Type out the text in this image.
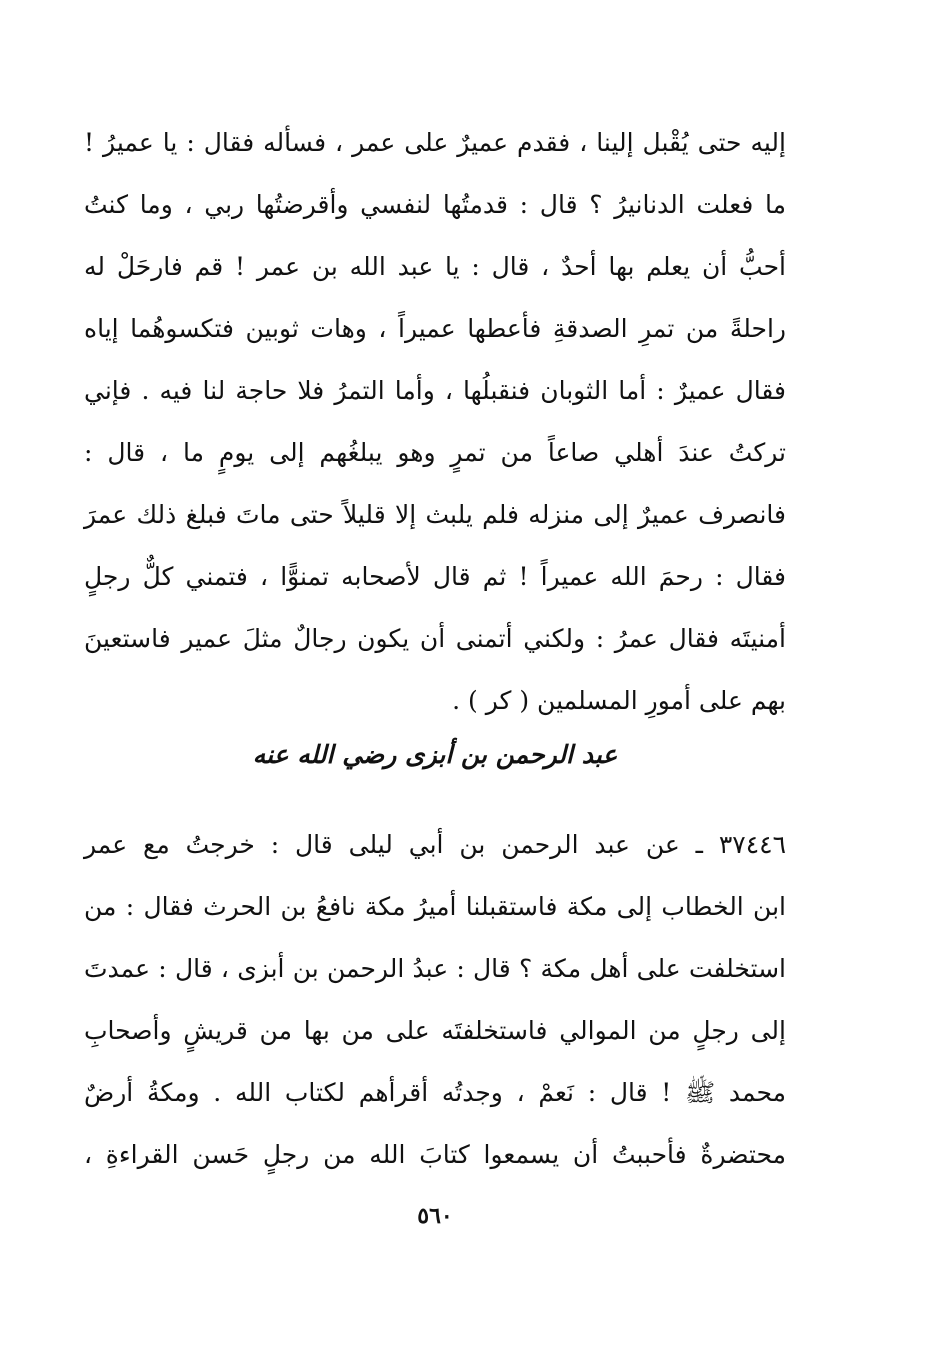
إليه حتى يُقْبل إلينا ، فقدم عميرٌ على عمر ، فسأله فقال : يا عميرُ !
ما فعلت الدنانيرُ ؟ قال : قدمتُها لنفسي وأقرضتُها ربي ، وما كنتُ
أحبُّ أن يعلم بها أحدٌ ، قال : يا عبد الله بن عمر ! قم فارحَلْ له
راحلةً من تمرِ الصدقةِ فأعطها عميراً ، وهات ثوبين فتكسوهُما إياه
فقال عميرٌ : أما الثوبان فنقبلُها ، وأما التمرُ فلا حاجة لنا فيه . فإني
تركتُ عندَ أهلي صاعاً من تمرٍ وهو يبلغُهم إلى يومٍ ما ، قال :
فانصرف عميرٌ إلى منزله فلم يلبث إلا قليلاً حتى ماتَ فبلغ ذلك عمرَ
فقال : رحمَ الله عميراً ! ثم قال لأصحابه تمنوًّا ، فتمني كلٌّ رجلٍ
أمنيتَه فقال عمرُ : ولكني أتمنى أن يكون رجالٌ مثلَ عمير فاستعينَ
بهم على أمورِ المسلمين ( كر ) .
عبد الرحمن بن أبزى رضي الله عنه
٣٧٤٤٦ ـ عن عبد الرحمن بن أبي ليلى قال : خرجتُ مع عمر
ابن الخطاب إلى مكة فاستقبلنا أميرُ مكة نافعُ بن الحرث فقال : من
استخلفت على أهل مكة ؟ قال : عبدُ الرحمن بن أبزى ، قال : عمدتَ
إلى رجلٍ من الموالي فاستخلفتَه على من بها من قريشٍ وأصحابِ
محمد ﷺ ! قال : نَعمْ ، وجدتُه أقرأهم لكتاب الله . ومكةُ أرضٌ
محتضرةٌ فأحببتُ أن يسمعوا كتابَ الله من رجلٍ حَسن القراءةِ ،
٥٦٠
